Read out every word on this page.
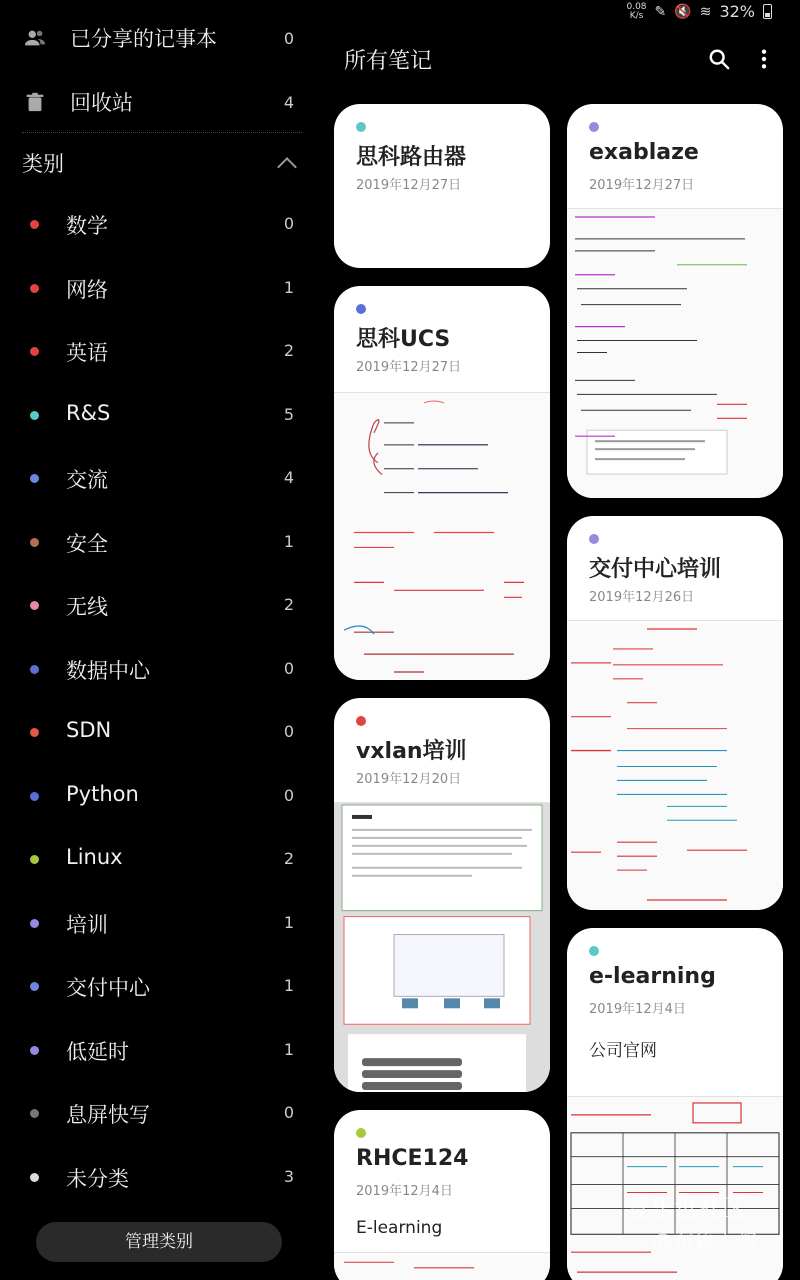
0.08
K/s ✎ 🔇 ≋ 32%
已分享的记事本	0
回收站	4
类别
数学	0
网络	1
英语	2
R&S	5
交流	4
安全	1
无线	2
数据中心	0
SDN	0
Python	0
Linux	2
培训	1
交付中心	1
低延时	1
息屏快写	0
未分类	3
管理类别
所有笔记
思科路由器
2019年12月27日
思科UCS
2019年12月27日
vxlan培训
2019年12月20日
RHCE124
2019年12月4日
E-learning
exablaze
2019年12月27日
交付中心培训
2019年12月26日
e-learning
2019年12月4日
公司官网
壹乐世社区
@布鲁大叔
